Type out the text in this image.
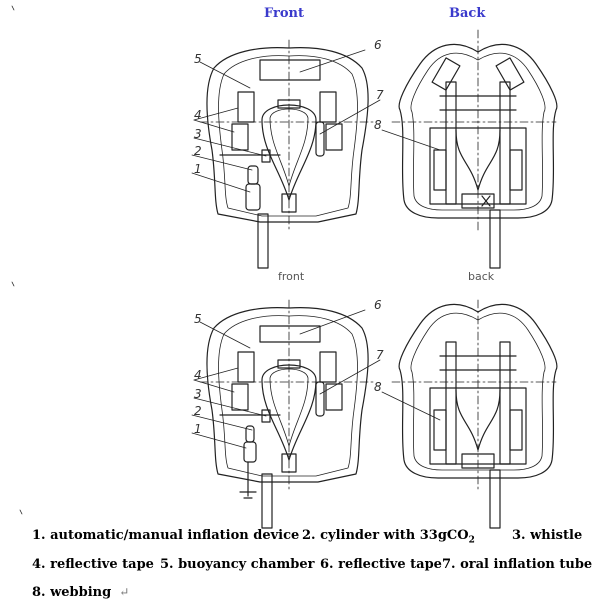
Front	Back
front	back
5
6
4
3
2
1
7
8
5
6
4
3
2
1
7
8
1. automatic/manual inflation device 2. cylinder with 33gCO$_2$	3. whistle
4. reflective tape 5. buoyancy chamber 6. reflective tape7. oral inflation tube
8. webbing ↵
